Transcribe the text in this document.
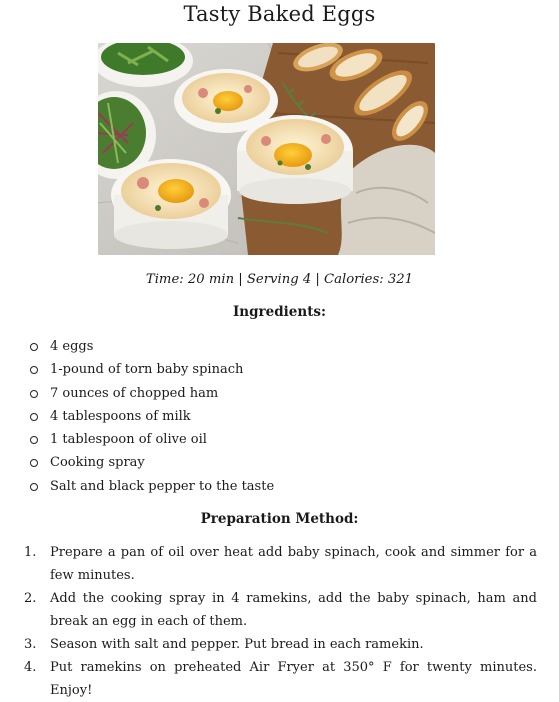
Tasty Baked Eggs
Time: 20 min | Serving 4 | Calories: 321
Ingredients:
4 eggs
1-pound of torn baby spinach
7 ounces of chopped ham
4 tablespoons of milk
1 tablespoon of olive oil
Cooking spray
Salt and black pepper to the taste
Preparation Method:
1. Prepare a pan of oil over heat add baby spinach, cook and simmer for a few minutes.
2. Add the cooking spray in 4 ramekins, add the baby spinach, ham and break an egg in each of them.
3. Season with salt and pepper. Put bread in each ramekin.
4. Put ramekins on preheated Air Fryer at 350° F for twenty minutes. Enjoy!
